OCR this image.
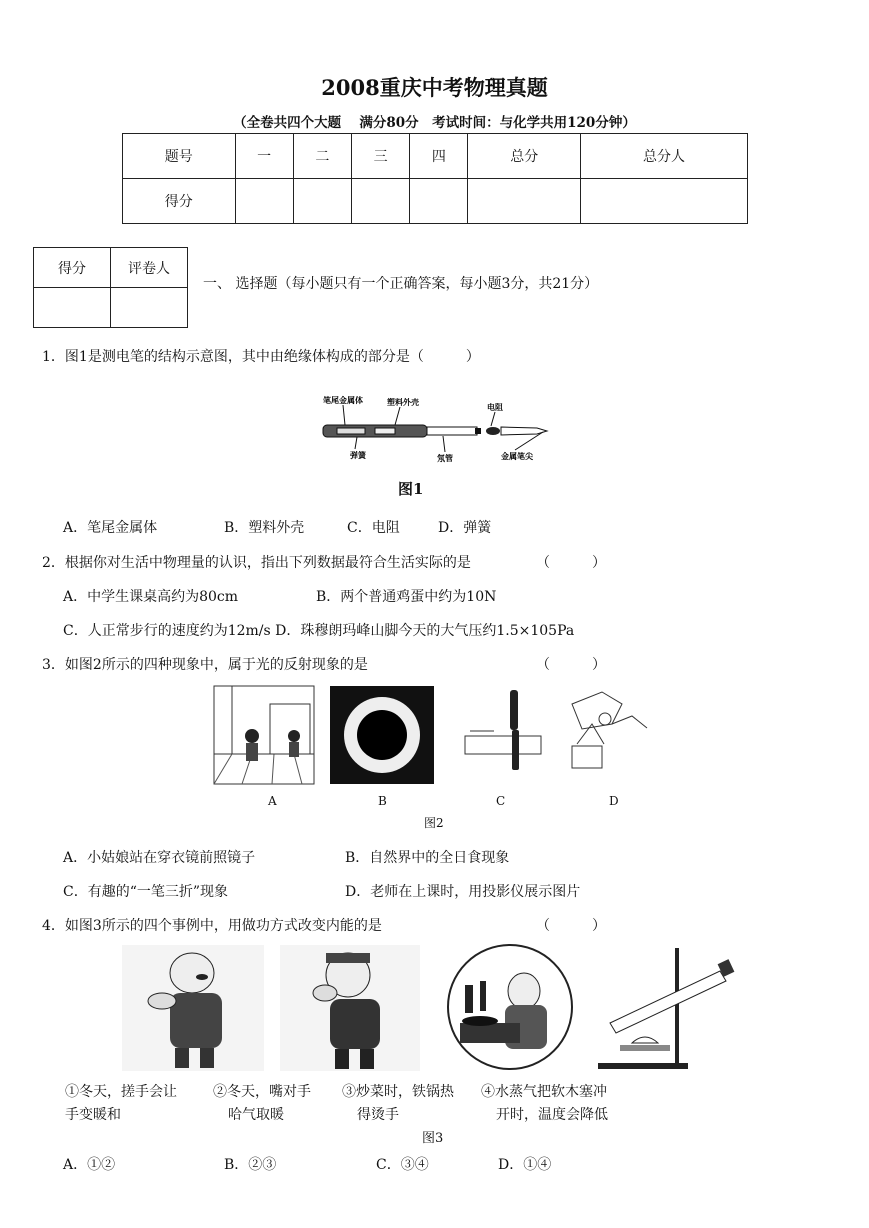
2008重庆中考物理真题
（全卷共四个大题　 满分80分　考试时间：与化学共用120分钟）
题号	一	二	三	四	总分	总分人
得分						
得分	评卷人

一、 选择题（每小题只有一个正确答案，每小题3分，共21分）
1．图1是测电笔的结构示意图，其中由绝缘体构成的部分是（　　　）
笔尾金属体	塑料外壳	电阻
弹簧	氖管	金属笔尖
图1
A．笔尾金属体	B．塑料外壳	C．电阻	D．弹簧
2．根据你对生活中物理量的认识，指出下列数据最符合生活实际的是	（　　　）
A．中学生课桌高约为80cm	B．两个普通鸡蛋中约为10N
C．人正常步行的速度约为12m/s D．珠穆朗玛峰山脚今天的大气压约1.5×105Pa
3．如图2所示的四种现象中，属于光的反射现象的是	（　　　）
A	B	C	D
图2
A．小姑娘站在穿衣镜前照镜子	B．自然界中的全日食现象
C．有趣的“一笔三折”现象	D．老师在上课时，用投影仪展示图片
4．如图3所示的四个事例中，用做功方式改变内能的是	（　　　）
①冬天，搓手会让
手变暖和
②冬天，嘴对手
哈气取暖
③炒菜时，铁锅热
得烫手
④水蒸气把软木塞冲
开时，温度会降低
图3
A．①②	B．②③	C．③④	D．①④
